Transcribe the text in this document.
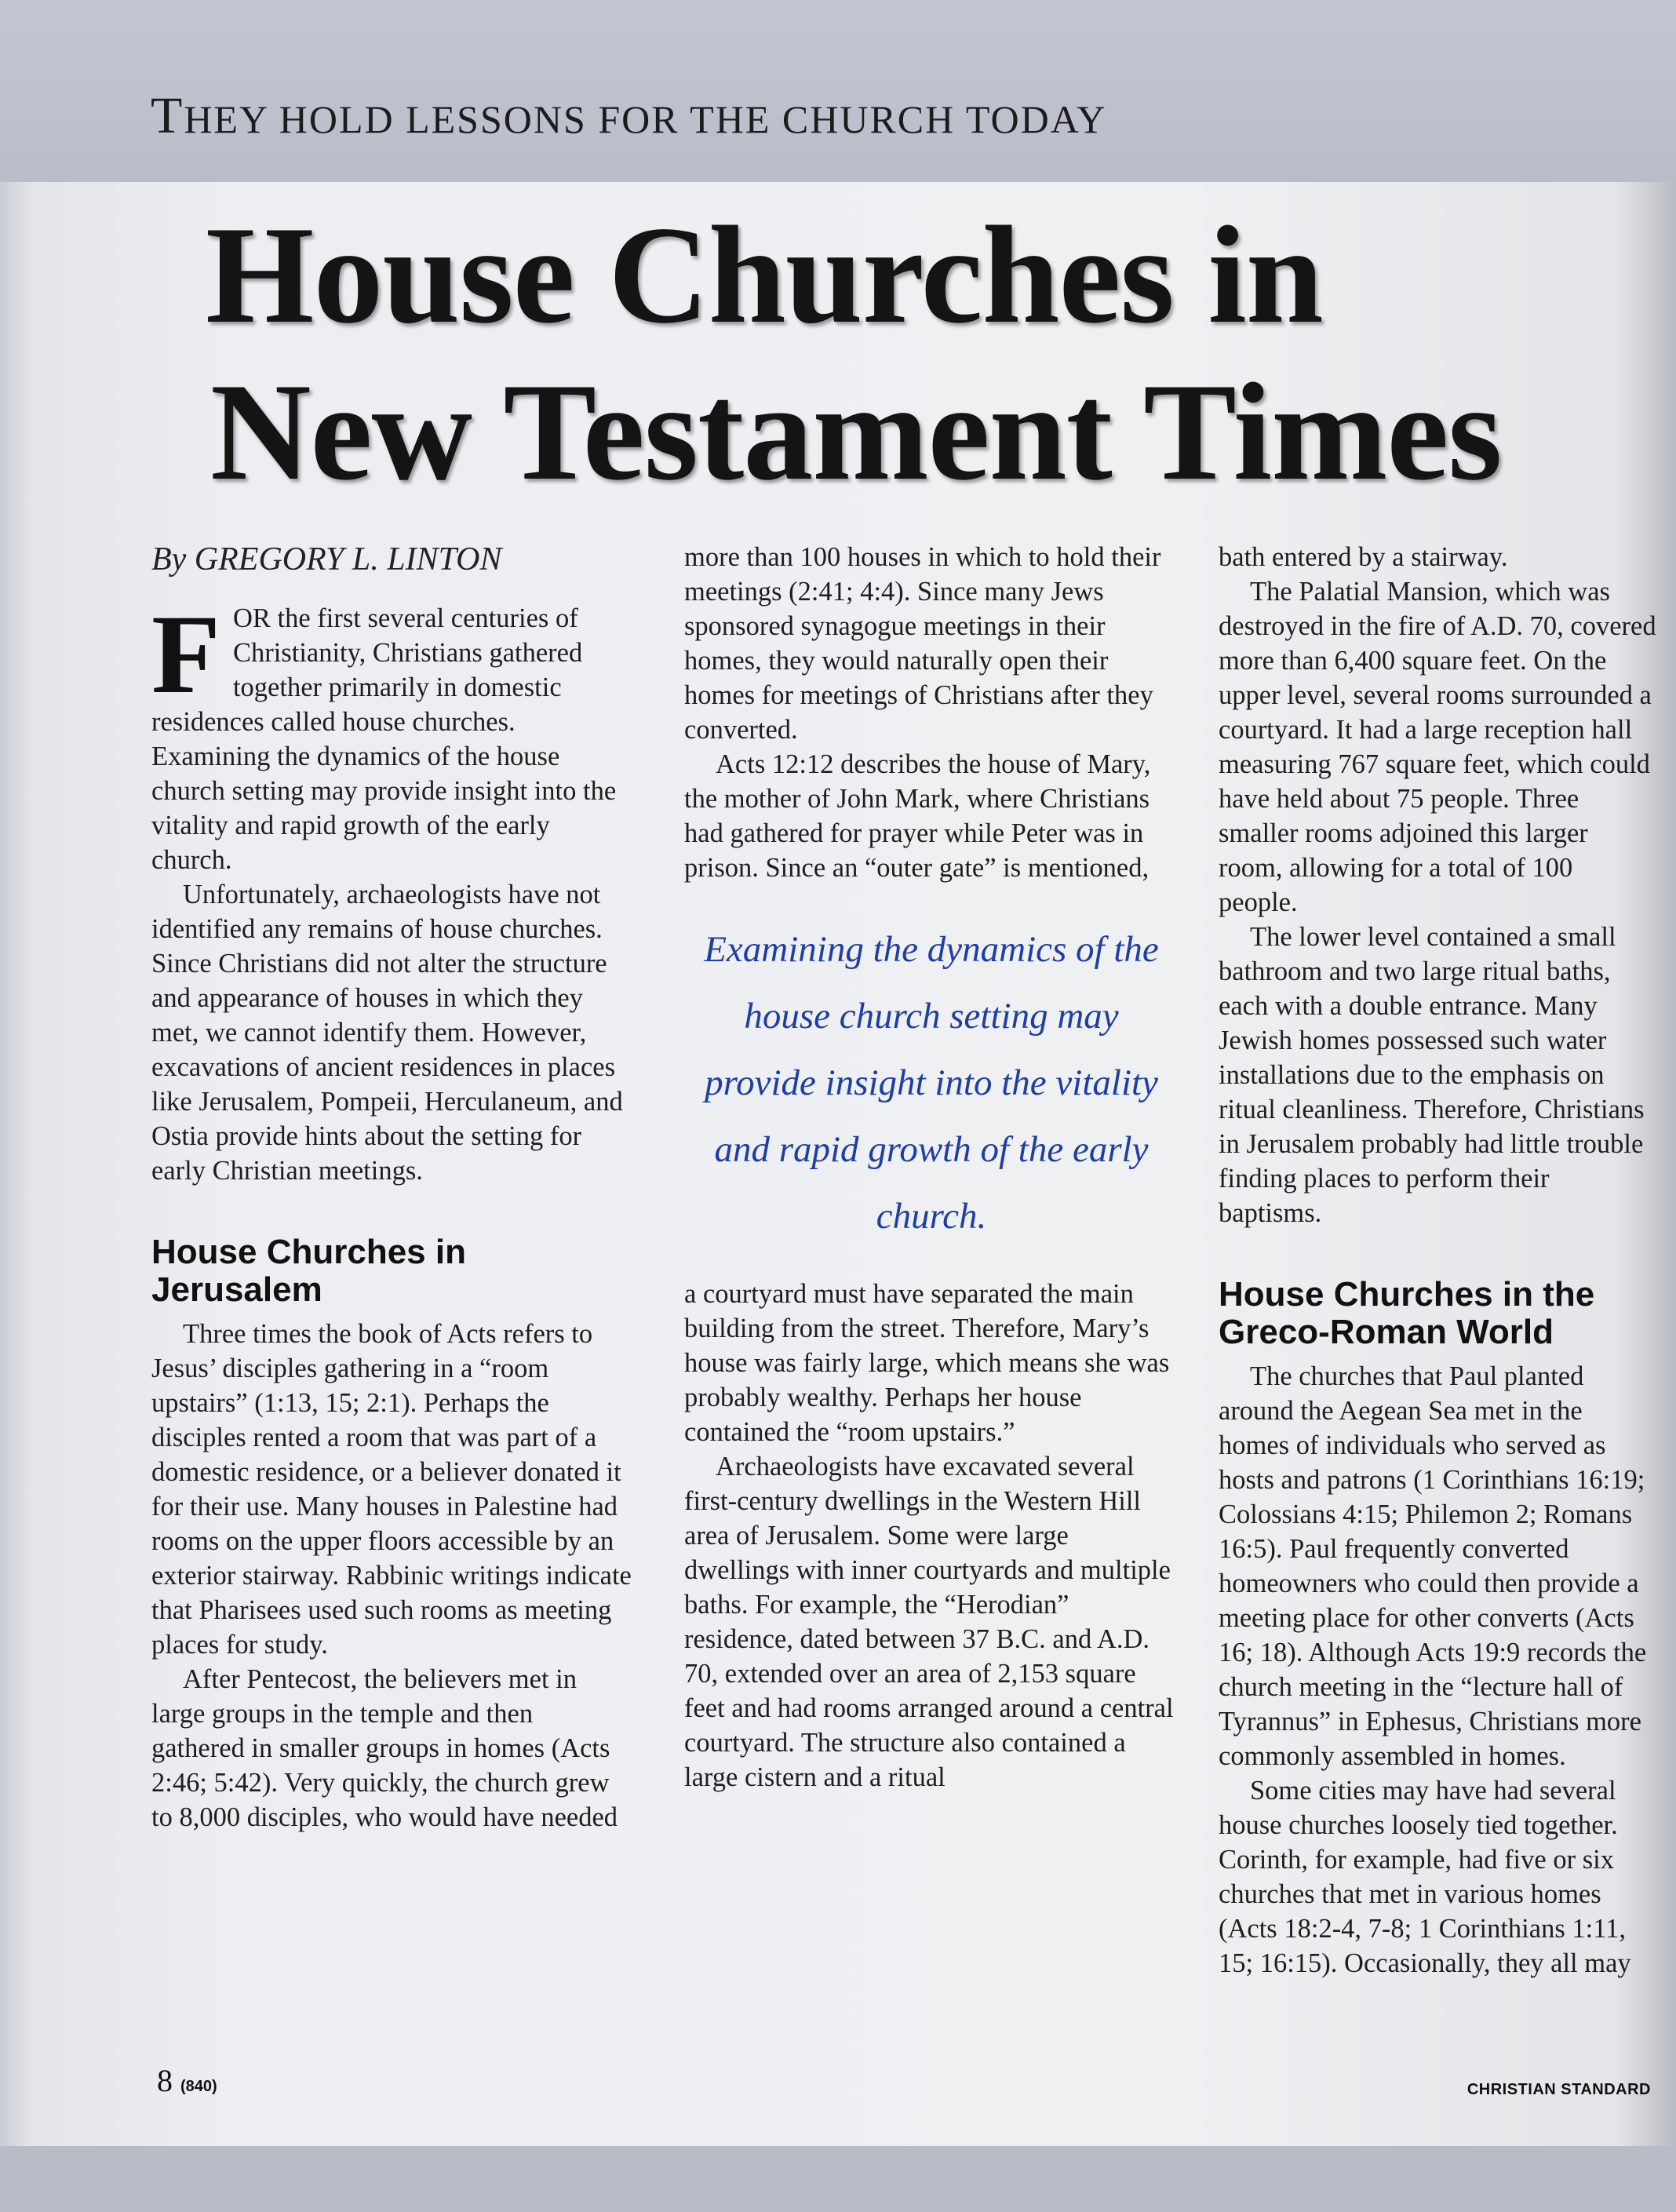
THEY HOLD LESSONS FOR THE CHURCH TODAY
House Churches in
New Testament Times
By GREGORY L. LINTON

FOR the first several centuries of Christianity, Christians gathered together primarily in domestic residences called house churches. Examining the dynamics of the house church setting may provide insight into the vitality and rapid growth of the early church.

Unfortunately, archaeologists have not identified any remains of house churches. Since Christians did not alter the structure and appearance of houses in which they met, we cannot identify them. However, excavations of ancient residences in places like Jerusalem, Pompeii, Herculaneum, and Ostia provide hints about the setting for early Christian meetings.

House Churches in Jerusalem

Three times the book of Acts refers to Jesus’ disciples gathering in a “room upstairs” (1:13, 15; 2:1). Perhaps the disciples rented a room that was part of a domestic residence, or a believer donated it for their use. Many houses in Palestine had rooms on the upper floors accessible by an exterior stairway. Rabbinic writings indicate that Pharisees used such rooms as meeting places for study.

After Pentecost, the believers met in large groups in the temple and then gathered in smaller groups in homes (Acts 2:46; 5:42). Very quickly, the church grew to 8,000 disciples, who would have needed

more than 100 houses in which to hold their meetings (2:41; 4:4). Since many Jews sponsored synagogue meetings in their homes, they would naturally open their homes for meetings of Christians after they converted.

Acts 12:12 describes the house of Mary, the mother of John Mark, where Christians had gathered for prayer while Peter was in prison. Since an “outer gate” is mentioned,

Examining the dynamics of the house church setting may provide insight into the vitality and rapid growth of the early church.

a courtyard must have separated the main building from the street. Therefore, Mary’s house was fairly large, which means she was probably wealthy. Perhaps her house contained the “room upstairs.”

Archaeologists have excavated several first-century dwellings in the Western Hill area of Jerusalem. Some were large dwellings with inner courtyards and multiple baths. For example, the “Herodian” residence, dated between 37 B.C. and A.D. 70, extended over an area of 2,153 square feet and had rooms arranged around a central courtyard. The structure also contained a large cistern and a ritual

bath entered by a stairway.

The Palatial Mansion, which was destroyed in the fire of A.D. 70, covered more than 6,400 square feet. On the upper level, several rooms surrounded a courtyard. It had a large reception hall measuring 767 square feet, which could have held about 75 people. Three smaller rooms adjoined this larger room, allowing for a total of 100 people.

The lower level contained a small bathroom and two large ritual baths, each with a double entrance. Many Jewish homes possessed such water installations due to the emphasis on ritual cleanliness. Therefore, Christians in Jerusalem probably had little trouble finding places to perform their baptisms.

House Churches in the Greco-Roman World

The churches that Paul planted around the Aegean Sea met in the homes of individuals who served as hosts and patrons (1 Corinthians 16:19; Colossians 4:15; Philemon 2; Romans 16:5). Paul frequently converted homeowners who could then provide a meeting place for other converts (Acts 16; 18). Although Acts 19:9 records the church meeting in the “lecture hall of Tyrannus” in Ephesus, Christians more commonly assembled in homes.

Some cities may have had several house churches loosely tied together. Corinth, for example, had five or six churches that met in various homes (Acts 18:2-4, 7-8; 1 Corinthians 1:11, 15; 16:15). Occasionally, they all may

8 (840)	CHRISTIAN STANDARD
